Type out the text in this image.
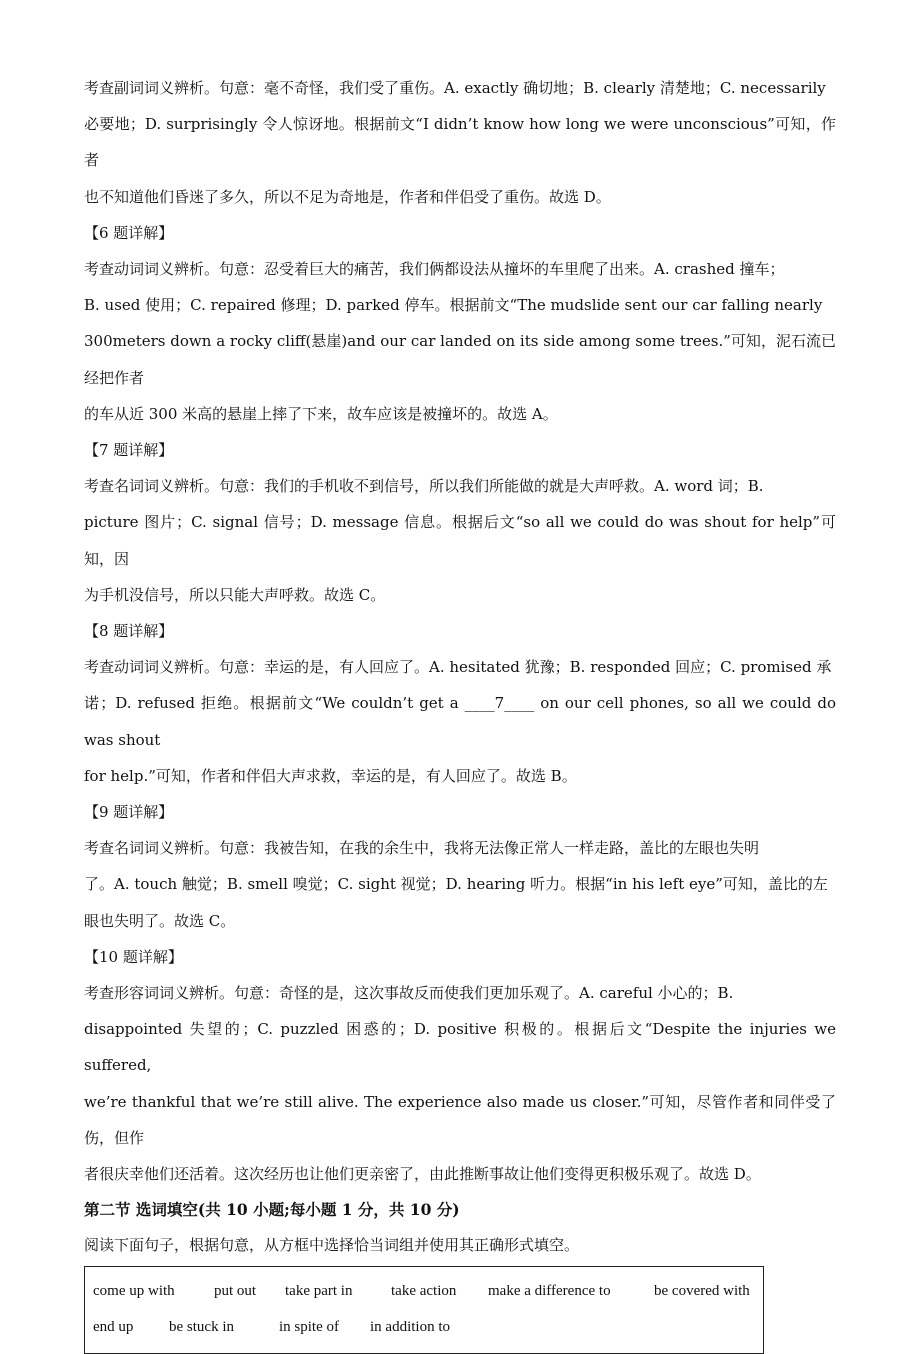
考查副词词义辨析。句意：毫不奇怪，我们受了重伤。A. exactly 确切地；B. clearly 清楚地；C. necessarily
必要地；D. surprisingly 令人惊讶地。根据前文“I didn’t know how long we were unconscious”可知，作者
也不知道他们昏迷了多久，所以不足为奇地是，作者和伴侣受了重伤。故选 D。

【6 题详解】

考查动词词义辨析。句意：忍受着巨大的痛苦，我们俩都设法从撞坏的车里爬了出来。A. crashed 撞车；
B. used 使用；C. repaired 修理；D. parked 停车。根据前文“The mudslide sent our car falling nearly
300meters down a rocky cliff(悬崖)and our car landed on its side among some trees.”可知，泥石流已经把作者
的车从近 300 米高的悬崖上摔了下来，故车应该是被撞坏的。故选 A。

【7 题详解】

考查名词词义辨析。句意：我们的手机收不到信号，所以我们所能做的就是大声呼救。A. word 词；B.
picture 图片；C. signal 信号；D. message 信息。根据后文“so all we could do was shout for help”可知，因
为手机没信号，所以只能大声呼救。故选 C。

【8 题详解】

考查动词词义辨析。句意：幸运的是，有人回应了。A. hesitated 犹豫；B. responded 回应；C. promised 承
诺；D. refused 拒绝。根据前文“We couldn’t get a ____7____ on our cell phones, so all we could do was shout
for help.”可知，作者和伴侣大声求救，幸运的是，有人回应了。故选 B。

【9 题详解】

考查名词词义辨析。句意：我被告知，在我的余生中，我将无法像正常人一样走路，盖比的左眼也失明
了。A. touch 触觉；B. smell 嗅觉；C. sight 视觉；D. hearing 听力。根据“in his left eye”可知，盖比的左
眼也失明了。故选 C。

【10 题详解】

考查形容词词义辨析。句意：奇怪的是，这次事故反而使我们更加乐观了。A. careful 小心的；B.
disappointed 失望的；C. puzzled 困惑的；D. positive 积极的。根据后文“Despite the injuries we suffered,
we’re thankful that we’re still alive. The experience also made us closer.”可知，尽管作者和同伴受了伤，但作
者很庆幸他们还活着。这次经历也让他们更亲密了，由此推断事故让他们变得更积极乐观了。故选 D。

第二节 选词填空(共 10 小题;每小题 1 分，共 10 分)

阅读下面句子，根据句意，从方框中选择恰当词组并使用其正确形式填空。

come up with	put out	take part in	take action	make a difference to	be covered with
end up	be stuck in	in spite of	in addition to
